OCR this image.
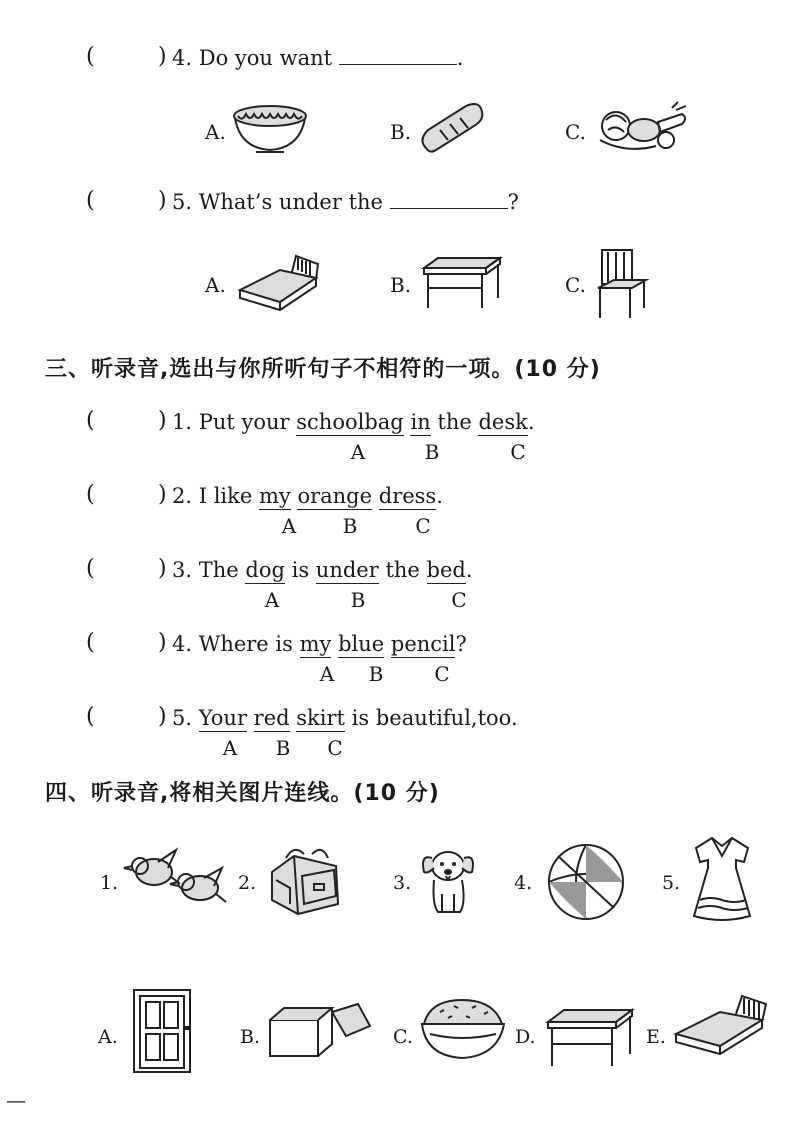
(	) 4. Do you want	.
A.	B.	C.
(	) 5. What’s under the	?
A.	B.	C.
三、听录音,选出与你所听句子不相符的一项。(10 分)
(	) 1. Put your schoolbag in the desk.
A	B	C
(	) 2. I like my orange dress.
A	B	C
(	) 3. The dog is under the bed.
A	B	C
(	) 4. Where is my blue pencil?
A	B	C
(	) 5. Your red skirt is beautiful,too.
A	B	C
四、听录音,将相关图片连线。(10 分)
1.	2.	3.	4.	5.
A.	B.	C.	D.	E.
—
